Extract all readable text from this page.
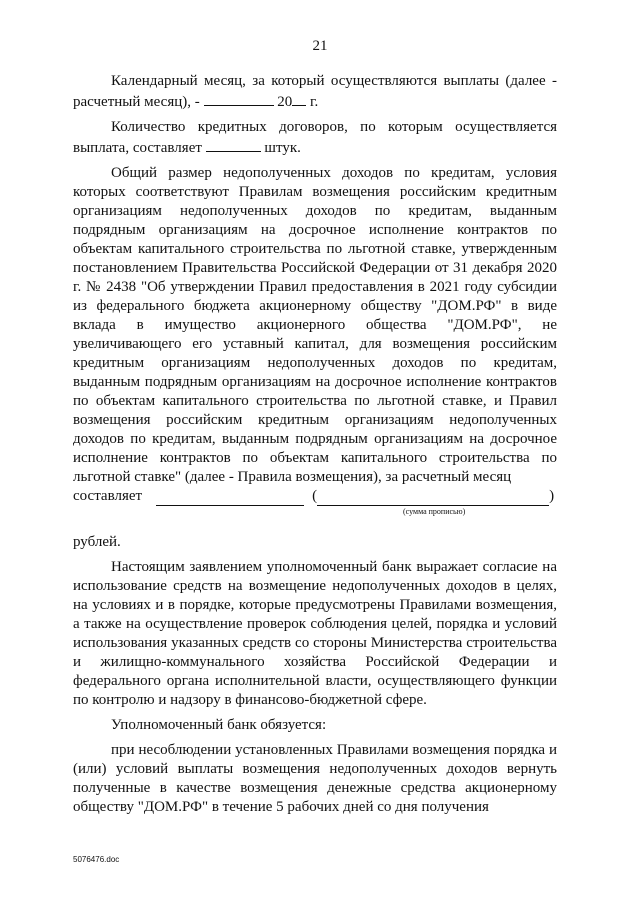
21

Календарный месяц, за который осуществляются выплаты (далее - расчетный месяц), -	20 г.

Количество кредитных договоров, по которым осуществляется выплата, составляет	штук.

Общий размер недополученных доходов по кредитам, условия которых соответствуют Правилам возмещения российским кредитным организациям недополученных доходов по кредитам, выданным подрядным организациям на досрочное исполнение контрактов по объектам капитального строительства по льготной ставке, утвержденным постановлением Правительства Российской Федерации от 31 декабря 2020 г. № 2438 "Об утверждении Правил предоставления в 2021 году субсидии из федерального бюджета акционерному обществу "ДОМ.РФ" в виде вклада в имущество акционерного общества "ДОМ.РФ", не увеличивающего его уставный капитал, для возмещения российским кредитным организациям недополученных доходов по кредитам, выданным подрядным организациям на досрочное исполнение контрактов по объектам капитального строительства по льготной ставке, и Правил возмещения российским кредитным организациям недополученных доходов по кредитам, выданным подрядным организациям на досрочное исполнение контрактов по объектам капитального строительства по льготной ставке" (далее - Правила возмещения), за расчетный месяц

составляет	(	)
(сумма прописью)

рублей.

Настоящим заявлением уполномоченный банк выражает согласие на использование средств на возмещение недополученных доходов в целях, на условиях и в порядке, которые предусмотрены Правилами возмещения, а также на осуществление проверок соблюдения целей, порядка и условий использования указанных средств со стороны Министерства строительства и жилищно-коммунального хозяйства Российской Федерации и федерального органа исполнительной власти, осуществляющего функции по контролю и надзору в финансово-бюджетной сфере.

Уполномоченный банк обязуется:

при несоблюдении установленных Правилами возмещения порядка и (или) условий выплаты возмещения недополученных доходов вернуть полученные в качестве возмещения денежные средства акционерному обществу "ДОМ.РФ" в течение 5 рабочих дней со дня получения

5076476.doc
